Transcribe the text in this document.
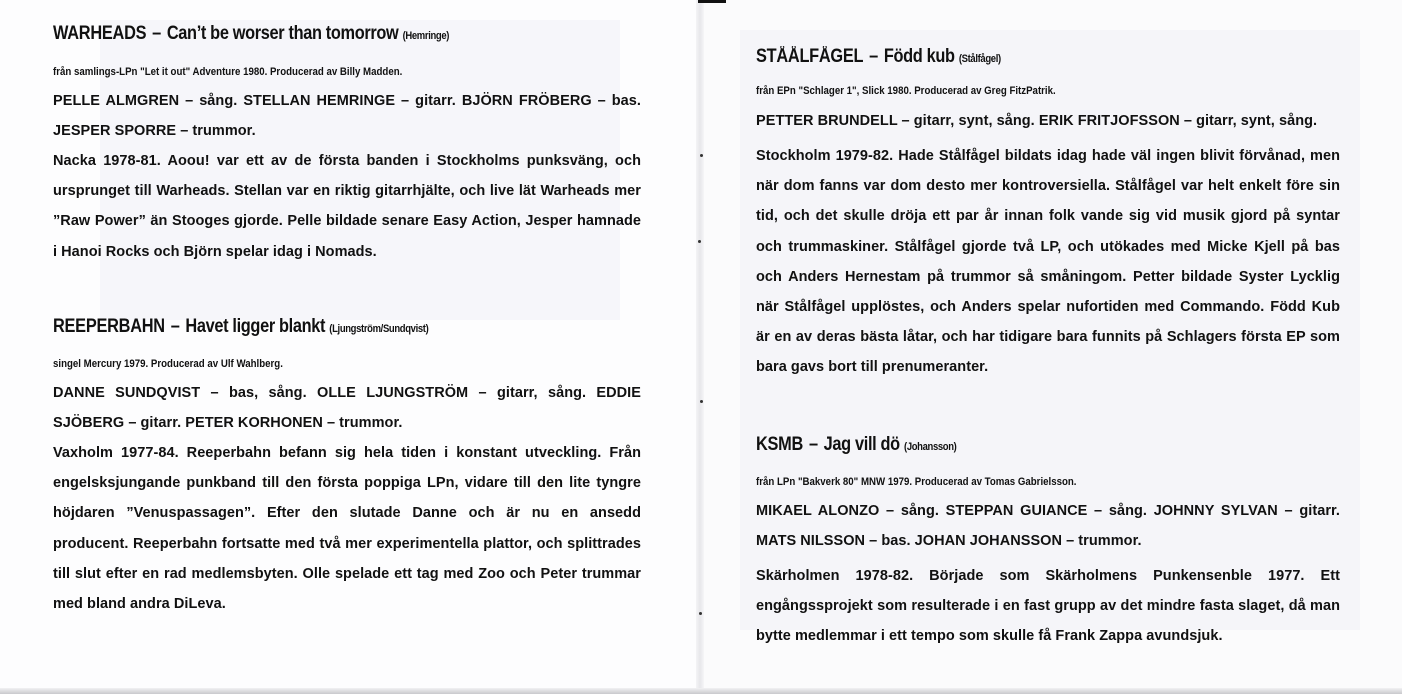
WARHEADS – Can’t be worser than tomorrow (Hemringe)

från samlings-LPn "Let it out" Adventure 1980. Producerad av Billy Madden.

PELLE ALMGREN – sång. STELLAN HEMRINGE – gitarr. BJÖRN FRÖBERG – bas. JESPER SPORRE – trummor.

Nacka 1978-81. Aoou! var ett av de första banden i Stockholms punksväng, och ursprunget till Warheads. Stellan var en riktig gitarrhjälte, och live lät Warheads mer ”Raw Power” än Stooges gjorde. Pelle bildade senare Easy Action, Jesper hamnade i Hanoi Rocks och Björn spelar idag i Nomads.

REEPERBAHN – Havet ligger blankt (Ljungström/Sundqvist)

singel Mercury 1979. Producerad av Ulf Wahlberg.

DANNE SUNDQVIST – bas, sång. OLLE LJUNGSTRÖM – gitarr, sång. EDDIE SJÖBERG – gitarr. PETER KORHONEN – trummor.

Vaxholm 1977-84. Reeperbahn befann sig hela tiden i konstant utveckling. Från engelsksjungande punkband till den första poppiga LPn, vidare till den lite tyngre höjdaren ”Venuspassagen”. Efter den slutade Danne och är nu en ansedd producent. Reeperbahn fortsatte med två mer experimentella plattor, och splittrades till slut efter en rad medlemsbyten. Olle spelade ett tag med Zoo och Peter trummar med bland andra DiLeva.

STÅÅLFÅGEL – Född kub (Stålfågel)

från EPn "Schlager 1", Slick 1980. Producerad av Greg FitzPatrik.

PETTER BRUNDELL – gitarr, synt, sång. ERIK FRITJOFSSON – gitarr, synt, sång.

Stockholm 1979-82. Hade Stålfågel bildats idag hade väl ingen blivit förvånad, men när dom fanns var dom desto mer kontroversiella. Stålfågel var helt enkelt före sin tid, och det skulle dröja ett par år innan folk vande sig vid musik gjord på syntar och trummaskiner. Stålfågel gjorde två LP, och utökades med Micke Kjell på bas och Anders Hernestam på trummor så småningom. Petter bildade Syster Lycklig när Stålfågel upplöstes, och Anders spelar nufortiden med Commando. Född Kub är en av deras bästa låtar, och har tidigare bara funnits på Schlagers första EP som bara gavs bort till prenumeranter.

KSMB – Jag vill dö (Johansson)

från LPn "Bakverk 80" MNW 1979. Producerad av Tomas Gabrielsson.

MIKAEL ALONZO – sång. STEPPAN GUIANCE – sång. JOHNNY SYLVAN – gitarr. MATS NILSSON – bas. JOHAN JOHANSSON – trummor.

Skärholmen 1978-82. Började som Skärholmens Punkensenble 1977. Ett engångssprojekt som resulterade i en fast grupp av det mindre fasta slaget, då man bytte medlemmar i ett tempo som skulle få Frank Zappa avundsjuk.
